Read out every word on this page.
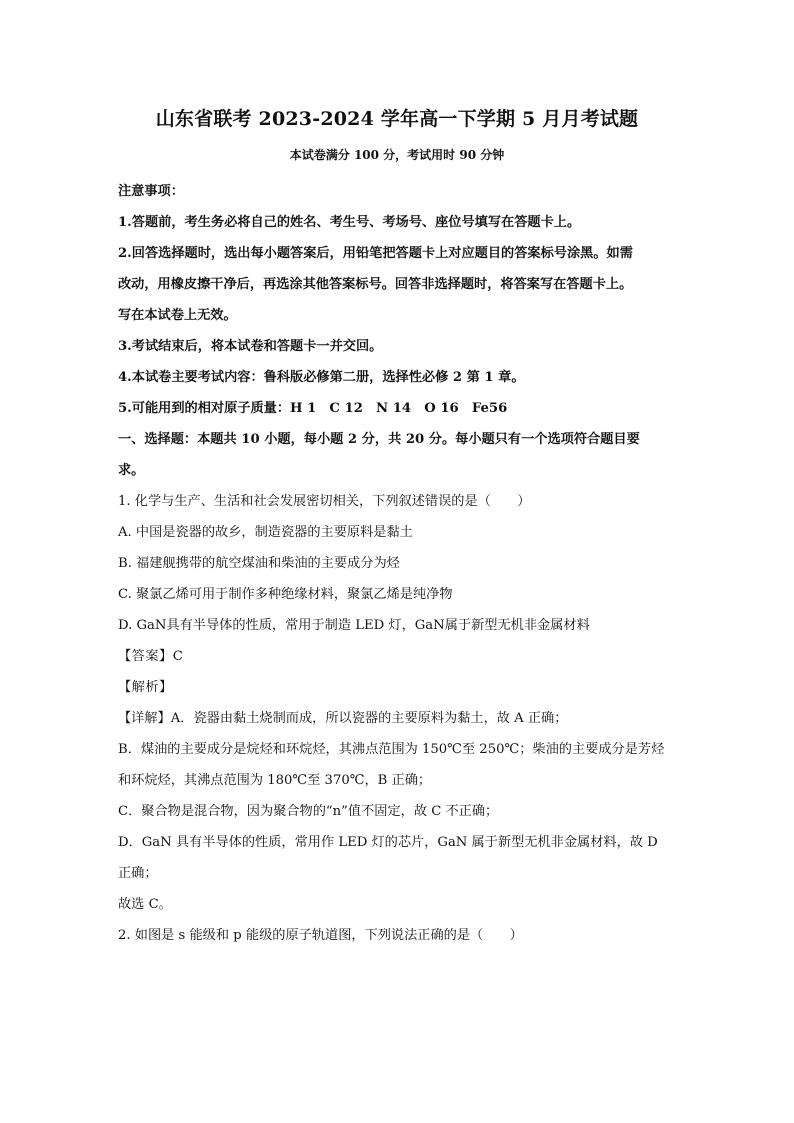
山东省联考 2023-2024 学年高一下学期 5 月月考试题
本试卷满分 100 分，考试用时 90 分钟
注意事项：
1.答题前，考生务必将自己的姓名、考生号、考场号、座位号填写在答题卡上。
2.回答选择题时，选出每小题答案后，用铅笔把答题卡上对应题目的答案标号涂黑。如需
改动，用橡皮擦干净后，再选涂其他答案标号。回答非选择题时，将答案写在答题卡上。
写在本试卷上无效。
3.考试结束后，将本试卷和答题卡一并交回。
4.本试卷主要考试内容：鲁科版必修第二册，选择性必修 2 第 1 章。
5.可能用到的相对原子质量：H 1　C 12　N 14　O 16　Fe56
一、选择题：本题共 10 小题，每小题 2 分，共 20 分。每小题只有一个选项符合题目要
求。
1. 化学与生产、生活和社会发展密切相关，下列叙述错误的是（　　）
A. 中国是瓷器的故乡，制造瓷器的主要原料是黏土
B. 福建舰携带的航空煤油和柴油的主要成分为烃
C. 聚氯乙烯可用于制作多种绝缘材料，聚氯乙烯是纯净物
D. GaN具有半导体的性质，常用于制造 LED 灯，GaN属于新型无机非金属材料
【答案】C
【解析】
【详解】A．瓷器由黏土烧制而成，所以瓷器的主要原料为黏土，故 A 正确；
B．煤油的主要成分是烷烃和环烷烃，其沸点范围为 150℃至 250℃；柴油的主要成分是芳烃
和环烷烃，其沸点范围为 180℃至 370℃，B 正确；
C．聚合物是混合物，因为聚合物的“n”值不固定，故 C 不正确；
D．GaN 具有半导体的性质，常用作 LED 灯的芯片，GaN 属于新型无机非金属材料，故 D
正确；
故选 C。
2. 如图是 s 能级和 p 能级的原子轨道图，下列说法正确的是（　　）
